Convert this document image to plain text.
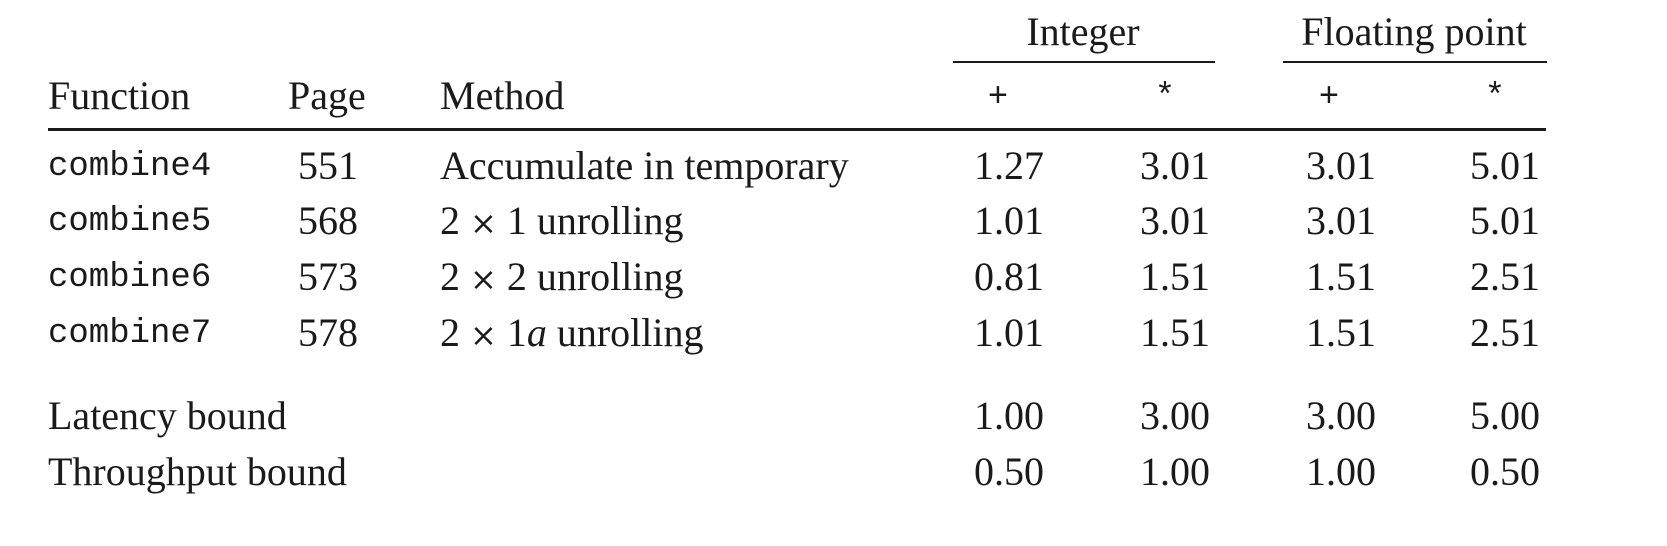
Integer	Floating point
Function Page Method	+	*	+	*
combine4 551 Accumulate in temporary	1.27	3.01	3.01	5.01
combine5 568 2 × 1 unrolling	1.01	3.01	3.01	5.01
combine6 573 2 × 2 unrolling	0.81	1.51	1.51	2.51
combine7 578 2 × 1a unrolling	1.01	1.51	1.51	2.51
Latency bound	1.00	3.00	3.00	5.00
Throughput bound	0.50	1.00	1.00	0.50
